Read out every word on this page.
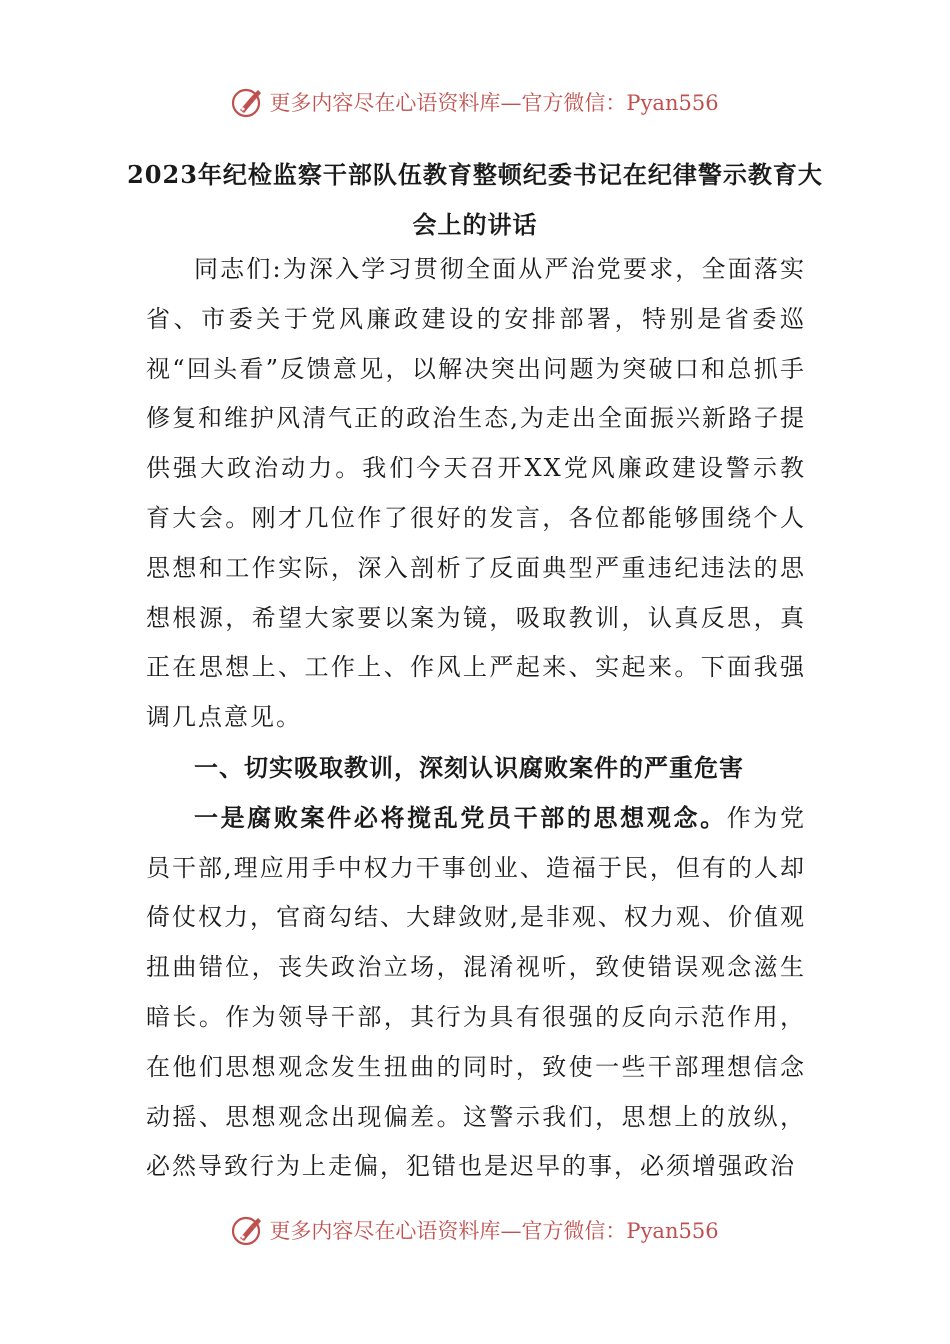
更多内容尽在心语资料库—官方微信：Pyan556
2023年纪检监察干部队伍教育整顿纪委书记在纪律警示教育大会上的讲话

同志们:为深入学习贯彻全面从严治党要求，全面落实省、市委关于党风廉政建设的安排部署，特别是省委巡视“回头看”反馈意见，以解决突出问题为突破口和总抓手修复和维护风清气正的政治生态,为走出全面振兴新路子提供强大政治动力。我们今天召开XX党风廉政建设警示教育大会。刚才几位作了很好的发言，各位都能够围绕个人思想和工作实际，深入剖析了反面典型严重违纪违法的思想根源，希望大家要以案为镜，吸取教训，认真反思，真正在思想上、工作上、作风上严起来、实起来。下面我强调几点意见。

一、切实吸取教训，深刻认识腐败案件的严重危害

一是腐败案件必将搅乱党员干部的思想观念。作为党员干部,理应用手中权力干事创业、造福于民，但有的人却倚仗权力，官商勾结、大肆敛财,是非观、权力观、价值观扭曲错位，丧失政治立场，混淆视听，致使错误观念滋生暗长。作为领导干部，其行为具有很强的反向示范作用，在他们思想观念发生扭曲的同时，致使一些干部理想信念动摇、思想观念出现偏差。这警示我们，思想上的放纵，必然导致行为上走偏，犯错也是迟早的事，必须增强政治

更多内容尽在心语资料库—官方微信：Pyan556
